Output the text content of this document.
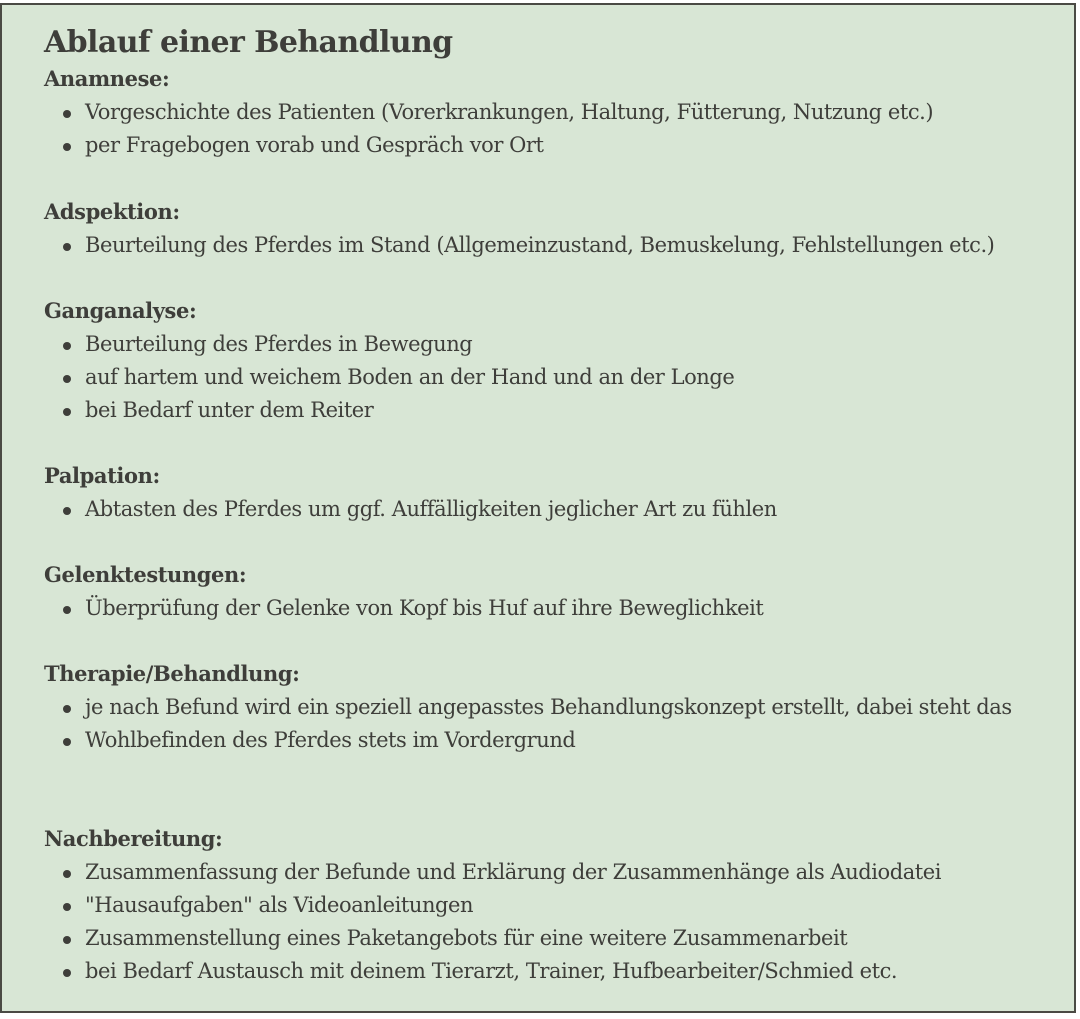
Ablauf einer Behandlung
Anamnese:
Vorgeschichte des Patienten (Vorerkrankungen, Haltung, Fütterung, Nutzung etc.)
per Fragebogen vorab und Gespräch vor Ort
Adspektion:
Beurteilung des Pferdes im Stand (Allgemeinzustand, Bemuskelung, Fehlstellungen etc.)
Ganganalyse:
Beurteilung des Pferdes in Bewegung
auf hartem und weichem Boden an der Hand und an der Longe
bei Bedarf unter dem Reiter
Palpation:
Abtasten des Pferdes um ggf. Auffälligkeiten jeglicher Art zu fühlen
Gelenktestungen:
Überprüfung der Gelenke von Kopf bis Huf auf ihre Beweglichkeit
Therapie/Behandlung:
je nach Befund wird ein speziell angepasstes Behandlungskonzept erstellt, dabei steht das
Wohlbefinden des Pferdes stets im Vordergrund
Nachbereitung:
Zusammenfassung der Befunde und Erklärung der Zusammenhänge als Audiodatei
"Hausaufgaben" als Videoanleitungen
Zusammenstellung eines Paketangebots für eine weitere Zusammenarbeit
bei Bedarf Austausch mit deinem Tierarzt, Trainer, Hufbearbeiter/Schmied etc.
